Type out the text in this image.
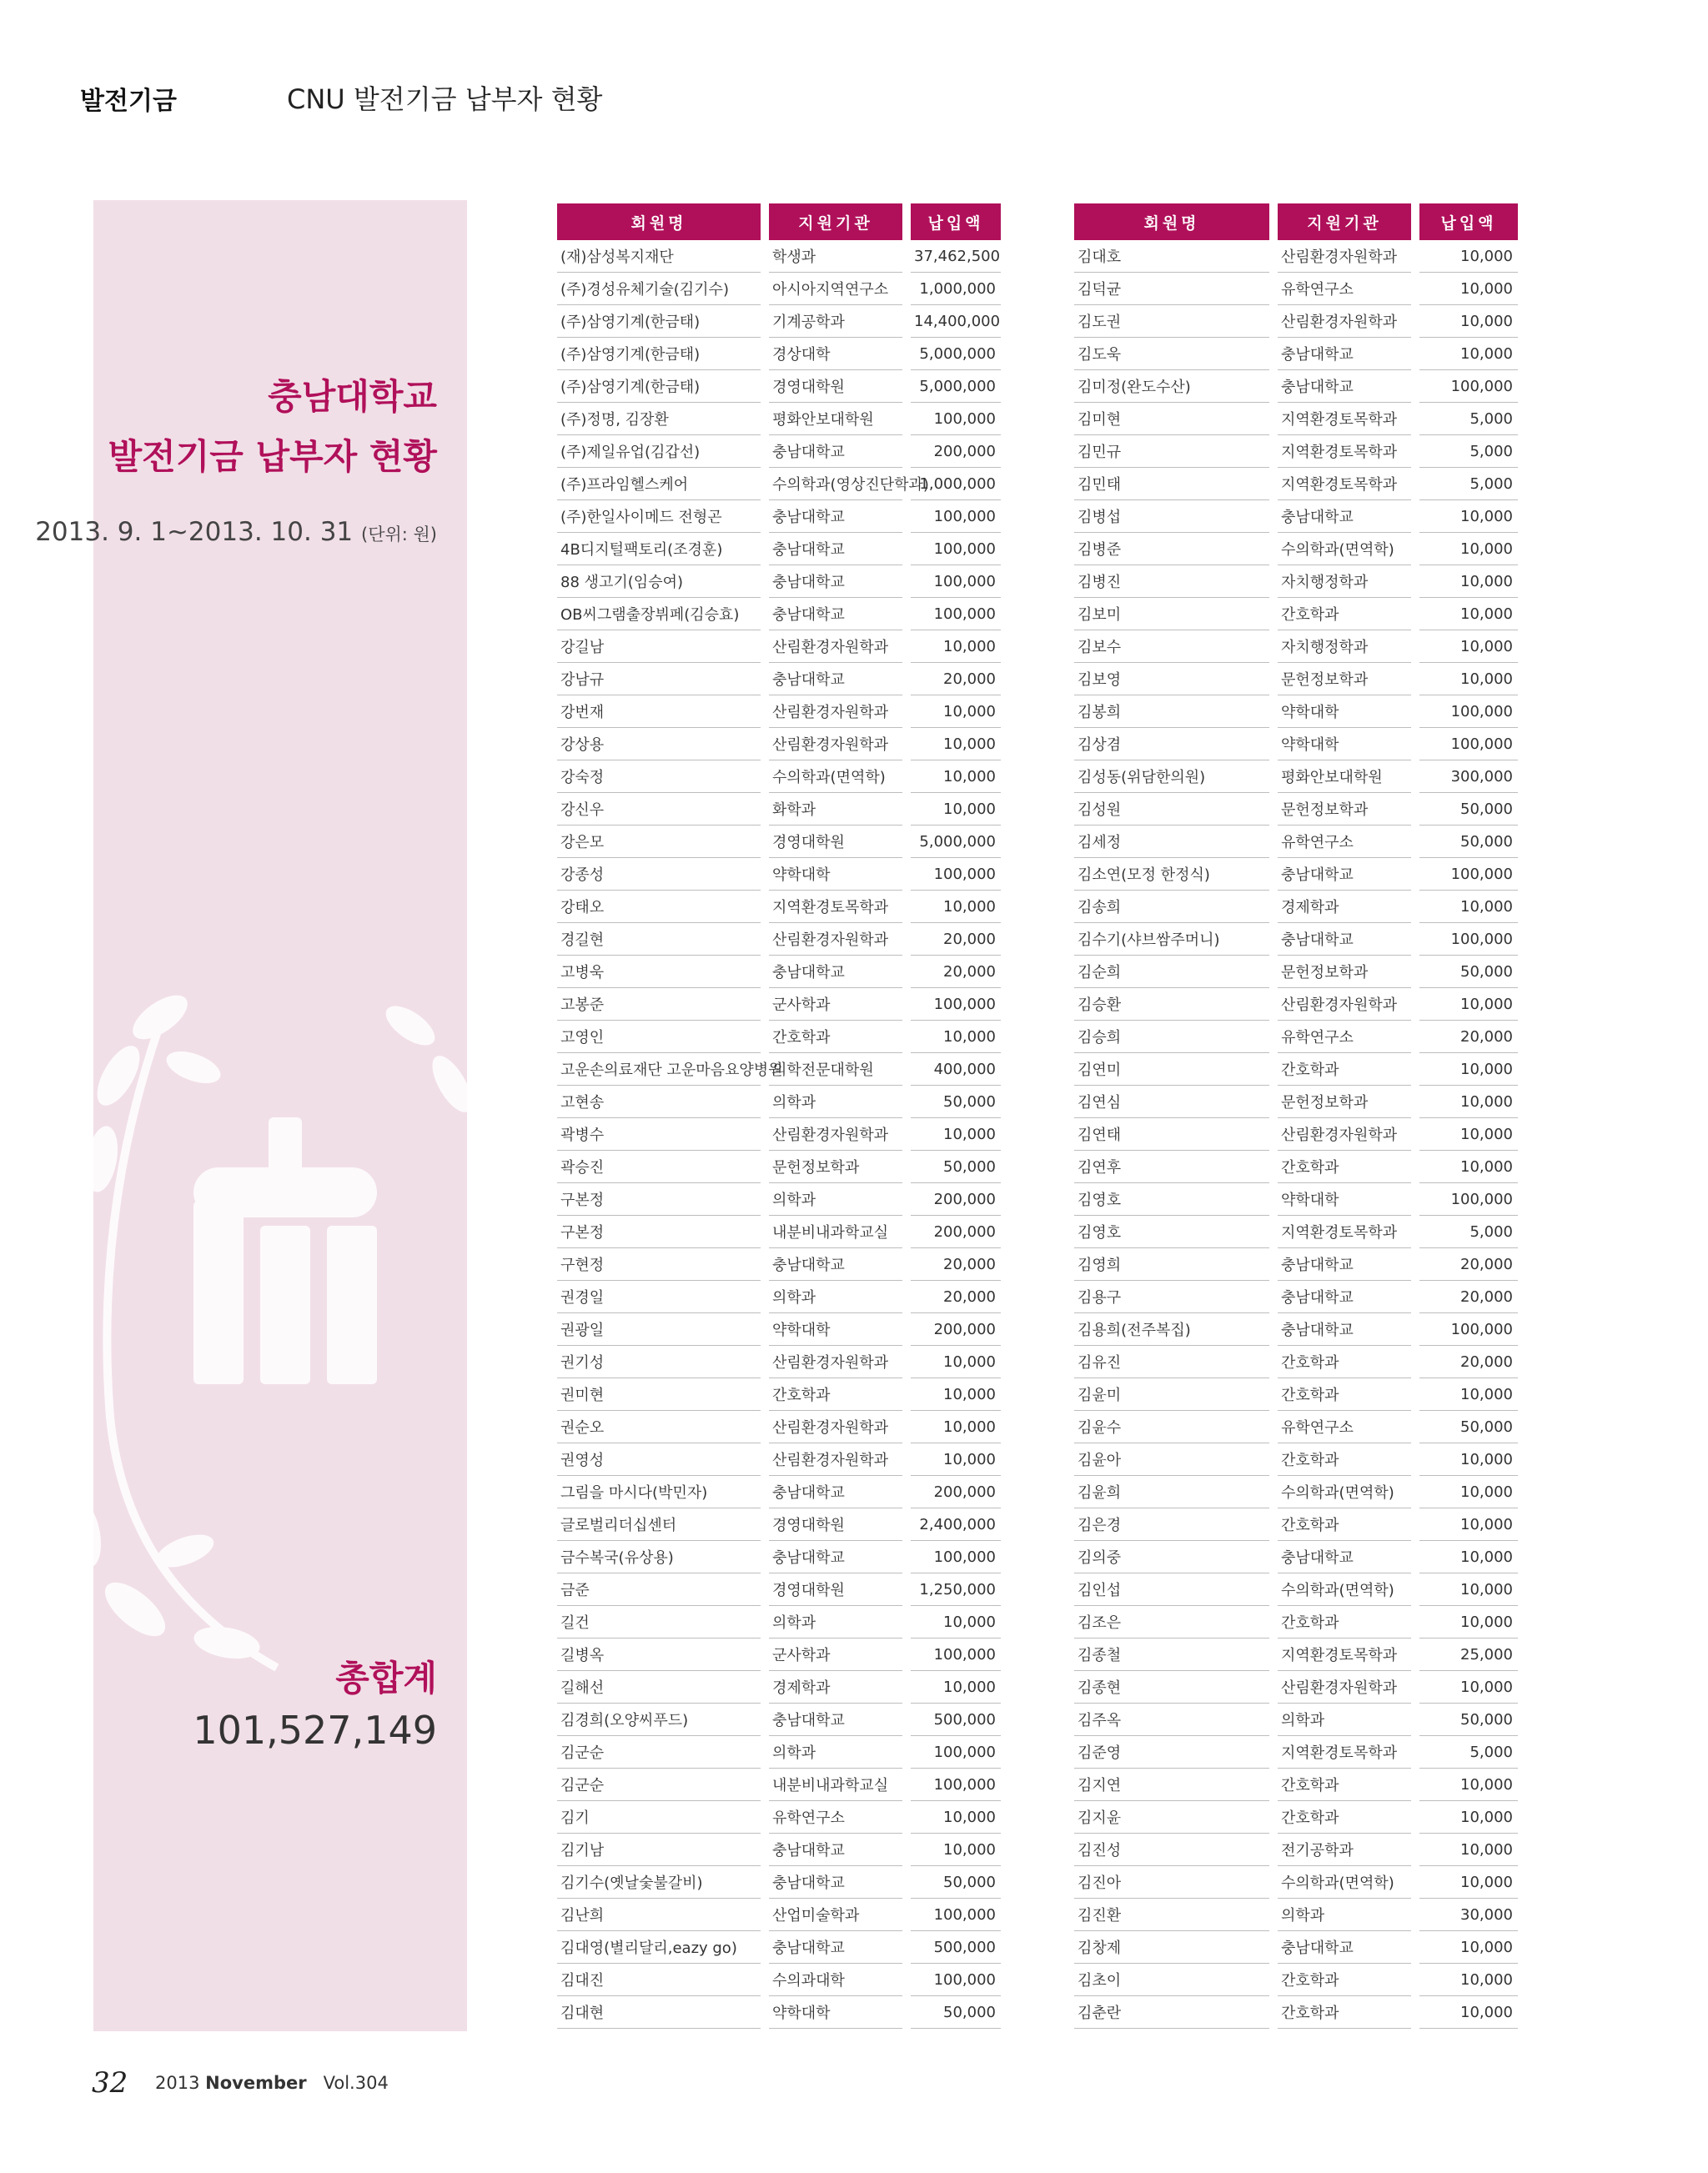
발전기금	CNU 발전기금 납부자 현황
충남대학교
발전기금 납부자 현황
2013. 9. 1~2013. 10. 31 (단위: 원)
총합계
101,527,149
회원명		지원기관		납입액
(재)삼성복지재단		학생과		37,462,500
(주)경성유체기술(김기수)		아시아지역연구소		1,000,000
(주)삼영기계(한금태)		기계공학과		14,400,000
(주)삼영기계(한금태)		경상대학		5,000,000
(주)삼영기계(한금태)		경영대학원		5,000,000
(주)정명, 김장환		평화안보대학원		100,000
(주)제일유업(김갑선)		충남대학교		200,000
(주)프라임헬스케어		수의학과(영상진단학과)		1,000,000
(주)한일사이메드 전형곤		충남대학교		100,000
4B디지털팩토리(조경훈)		충남대학교		100,000
88 생고기(임승여)		충남대학교		100,000
OB씨그램출장뷔페(김승효)		충남대학교		100,000
강길남		산림환경자원학과		10,000
강남규		충남대학교		20,000
강번재		산림환경자원학과		10,000
강상용		산림환경자원학과		10,000
강숙정		수의학과(면역학)		10,000
강신우		화학과		10,000
강은모		경영대학원		5,000,000
강종성		약학대학		100,000
강태오		지역환경토목학과		10,000
경길현		산림환경자원학과		20,000
고병욱		충남대학교		20,000
고봉준		군사학과		100,000
고영인		간호학과		10,000
고운손의료재단 고운마음요양병원		의학전문대학원		400,000
고현송		의학과		50,000
곽병수		산림환경자원학과		10,000
곽승진		문헌정보학과		50,000
구본정		의학과		200,000
구본정		내분비내과학교실		200,000
구현정		충남대학교		20,000
권경일		의학과		20,000
권광일		약학대학		200,000
권기성		산림환경자원학과		10,000
권미현		간호학과		10,000
권순오		산림환경자원학과		10,000
권영성		산림환경자원학과		10,000
그림을 마시다(박민자)		충남대학교		200,000
글로벌리더십센터		경영대학원		2,400,000
금수복국(유상용)		충남대학교		100,000
금준		경영대학원		1,250,000
길건		의학과		10,000
길병옥		군사학과		100,000
길해선		경제학과		10,000
김경희(오양씨푸드)		충남대학교		500,000
김군순		의학과		100,000
김군순		내분비내과학교실		100,000
김기		유학연구소		10,000
김기남		충남대학교		10,000
김기수(옛날숯불갈비)		충남대학교		50,000
김난희		산업미술학과		100,000
김대영(별리달리,eazy go)		충남대학교		500,000
김대진		수의과대학		100,000
김대현		약학대학		50,000
회원명		지원기관		납입액
김대호		산림환경자원학과		10,000
김덕균		유학연구소		10,000
김도권		산림환경자원학과		10,000
김도욱		충남대학교		10,000
김미정(완도수산)		충남대학교		100,000
김미현		지역환경토목학과		5,000
김민규		지역환경토목학과		5,000
김민태		지역환경토목학과		5,000
김병섭		충남대학교		10,000
김병준		수의학과(면역학)		10,000
김병진		자치행정학과		10,000
김보미		간호학과		10,000
김보수		자치행정학과		10,000
김보영		문헌정보학과		10,000
김봉희		약학대학		100,000
김상겸		약학대학		100,000
김성동(위담한의원)		평화안보대학원		300,000
김성원		문헌정보학과		50,000
김세정		유학연구소		50,000
김소연(모정 한정식)		충남대학교		100,000
김송희		경제학과		10,000
김수기(샤브쌈주머니)		충남대학교		100,000
김순희		문헌정보학과		50,000
김승환		산림환경자원학과		10,000
김승희		유학연구소		20,000
김연미		간호학과		10,000
김연심		문헌정보학과		10,000
김연태		산림환경자원학과		10,000
김연후		간호학과		10,000
김영호		약학대학		100,000
김영호		지역환경토목학과		5,000
김영희		충남대학교		20,000
김용구		충남대학교		20,000
김용희(전주복집)		충남대학교		100,000
김유진		간호학과		20,000
김윤미		간호학과		10,000
김윤수		유학연구소		50,000
김윤아		간호학과		10,000
김윤희		수의학과(면역학)		10,000
김은경		간호학과		10,000
김의중		충남대학교		10,000
김인섭		수의학과(면역학)		10,000
김조은		간호학과		10,000
김종철		지역환경토목학과		25,000
김종현		산림환경자원학과		10,000
김주옥		의학과		50,000
김준영		지역환경토목학과		5,000
김지연		간호학과		10,000
김지윤		간호학과		10,000
김진성		전기공학과		10,000
김진아		수의학과(면역학)		10,000
김진환		의학과		30,000
김창제		충남대학교		10,000
김초이		간호학과		10,000
김춘란		간호학과		10,000
32 2013 November Vol.304
